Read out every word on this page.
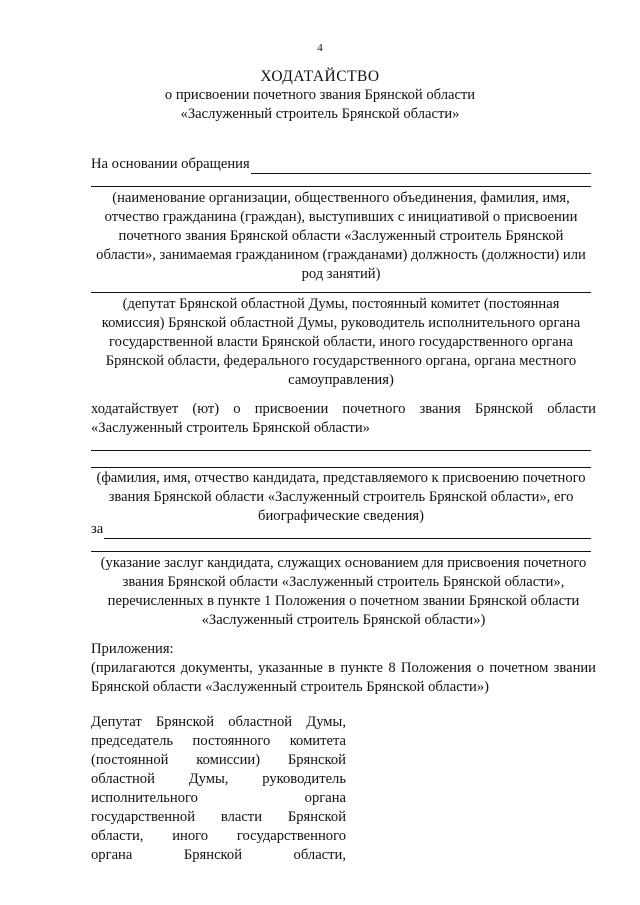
4
ХОДАТАЙСТВО
о присвоении почетного звания Брянской области
«Заслуженный строитель Брянской области»
На основании обращения
(наименование организации, общественного объединения, фамилия, имя, отчество гражданина (граждан), выступивших с инициативой о присвоении почетного звания Брянской области «Заслуженный строитель Брянской области», занимаемая гражданином (гражданами) должность (должности) или род занятий)
(депутат Брянской областной Думы, постоянный комитет (постоянная комиссия) Брянской областной Думы, руководитель исполнительного органа государственной власти Брянской области, иного государственного органа Брянской области, федерального государственного органа, органа местного самоуправления)
ходатайствует (ют) о присвоении почетного звания Брянской области «Заслуженный строитель Брянской области»
(фамилия, имя, отчество кандидата, представляемого к присвоению почетного звания Брянской области «Заслуженный строитель Брянской области», его биографические сведения)
за
(указание заслуг кандидата, служащих основанием для присвоения почетного звания Брянской области «Заслуженный строитель Брянской области», перечисленных в пункте 1 Положения о почетном звании Брянской области «Заслуженный строитель Брянской области»)
Приложения:
(прилагаются документы, указанные в пункте 8 Положения о почетном звании Брянской области «Заслуженный строитель Брянской области»)
Депутат Брянской областной Думы,
председатель постоянного комитета
(постоянной комиссии) Брянской
областной Думы, руководитель
исполнительного органа
государственной власти Брянской
области, иного государственного
органа Брянской области,
